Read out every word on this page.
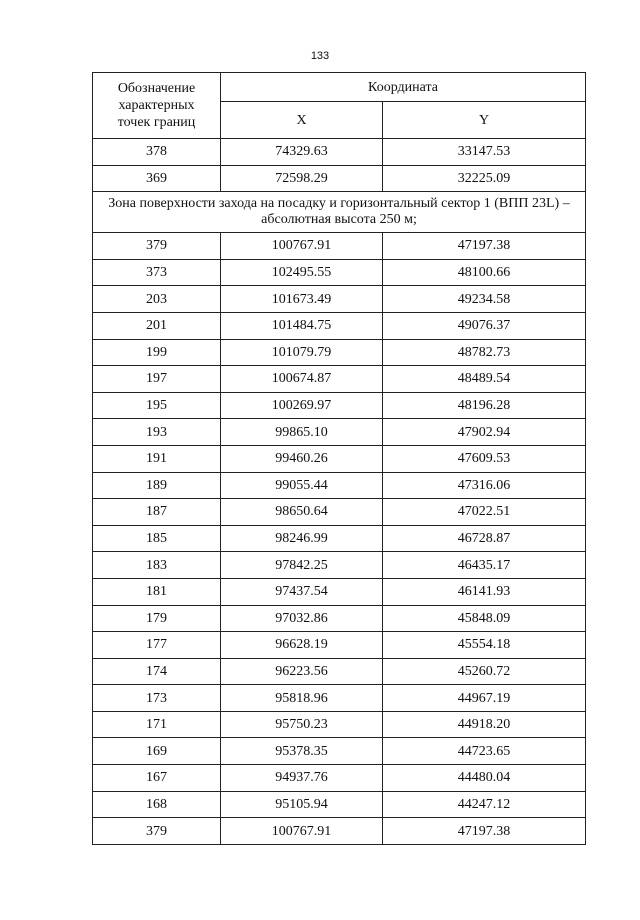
133
Обозначение
характерных
точек границ	Координата	
	X	Y
378	74329.63	33147.53
369	72598.29	32225.09
Зона поверхности захода на посадку и горизонтальный сектор 1 (ВПП 23L) – абсолютная высота 250 м;		
379	100767.91	47197.38
373	102495.55	48100.66
203	101673.49	49234.58
201	101484.75	49076.37
199	101079.79	48782.73
197	100674.87	48489.54
195	100269.97	48196.28
193	99865.10	47902.94
191	99460.26	47609.53
189	99055.44	47316.06
187	98650.64	47022.51
185	98246.99	46728.87
183	97842.25	46435.17
181	97437.54	46141.93
179	97032.86	45848.09
177	96628.19	45554.18
174	96223.56	45260.72
173	95818.96	44967.19
171	95750.23	44918.20
169	95378.35	44723.65
167	94937.76	44480.04
168	95105.94	44247.12
379	100767.91	47197.38
